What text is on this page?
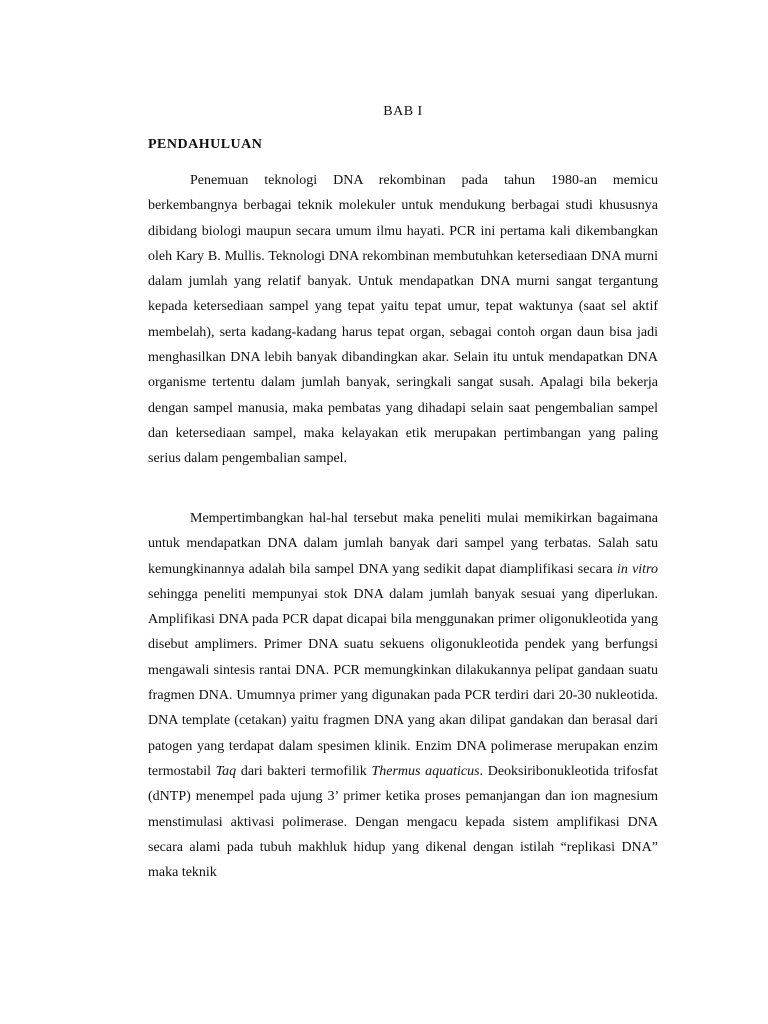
BAB I
PENDAHULUAN

Penemuan teknologi DNA rekombinan pada tahun 1980-an memicu berkembangnya berbagai teknik molekuler untuk mendukung berbagai studi khususnya dibidang biologi maupun secara umum ilmu hayati. PCR ini pertama kali dikembangkan oleh Kary B. Mullis. Teknologi DNA rekombinan membutuhkan ketersediaan DNA murni dalam jumlah yang relatif banyak. Untuk mendapatkan DNA murni sangat tergantung kepada ketersediaan sampel yang tepat yaitu tepat umur, tepat waktunya (saat sel aktif membelah), serta kadang-kadang harus tepat organ, sebagai contoh organ daun bisa jadi menghasilkan DNA lebih banyak dibandingkan akar. Selain itu untuk mendapatkan DNA organisme tertentu dalam jumlah banyak, seringkali sangat susah. Apalagi bila bekerja dengan sampel manusia, maka pembatas yang dihadapi selain saat pengembalian sampel dan ketersediaan sampel, maka kelayakan etik merupakan pertimbangan yang paling serius dalam pengembalian sampel.

Mempertimbangkan hal-hal tersebut maka peneliti mulai memikirkan bagaimana untuk mendapatkan DNA dalam jumlah banyak dari sampel yang terbatas. Salah satu kemungkinannya adalah bila sampel DNA yang sedikit dapat diamplifikasi secara in vitro sehingga peneliti mempunyai stok DNA dalam jumlah banyak sesuai yang diperlukan. Amplifikasi DNA pada PCR dapat dicapai bila menggunakan primer oligonukleotida yang disebut amplimers. Primer DNA suatu sekuens oligonukleotida pendek yang berfungsi mengawali sintesis rantai DNA. PCR memungkinkan dilakukannya pelipat gandaan suatu fragmen DNA. Umumnya primer yang digunakan pada PCR terdiri dari 20-30 nukleotida. DNA template (cetakan) yaitu fragmen DNA yang akan dilipat gandakan dan berasal dari patogen yang terdapat dalam spesimen klinik. Enzim DNA polimerase merupakan enzim termostabil Taq dari bakteri termofilik Thermus aquaticus. Deoksiribonukleotida trifosfat (dNTP) menempel pada ujung 3’ primer ketika proses pemanjangan dan ion magnesium menstimulasi aktivasi polimerase. Dengan mengacu kepada sistem amplifikasi DNA secara alami pada tubuh makhluk hidup yang dikenal dengan istilah “replikasi DNA” maka teknik
